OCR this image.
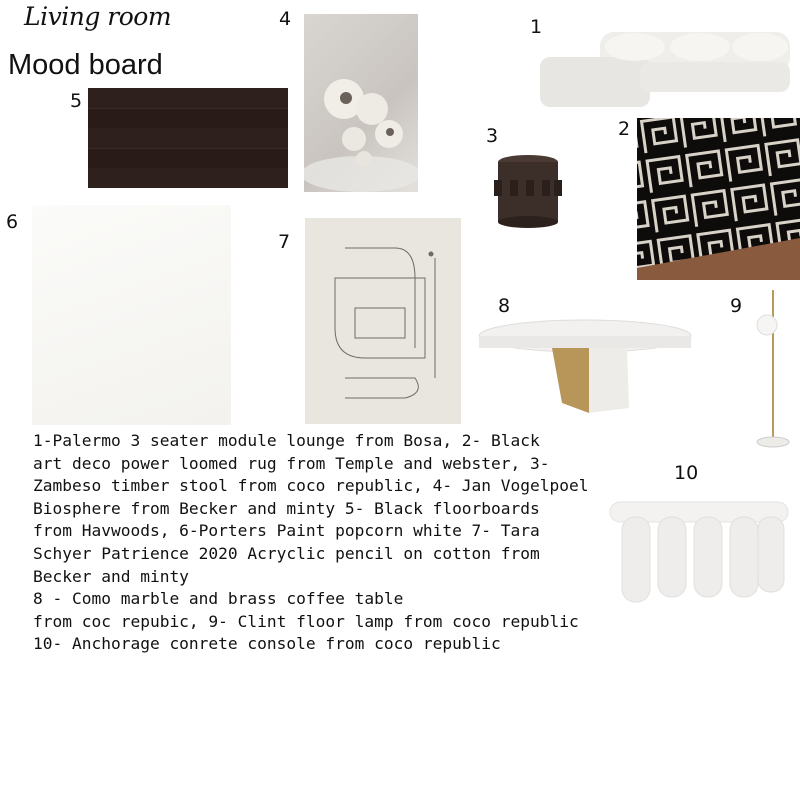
Living room
Mood board
4	1
5
3	2
6
7
8	9
10
1-Palermo 3 seater module lounge from Bosa, 2- Black
art deco power loomed rug from Temple and webster, 3-
Zambeso timber stool from coco republic, 4- Jan Vogelpoel
Biosphere from Becker and minty 5- Black floorboards
from Havwoods, 6-Porters Paint popcorn white 7- Tara
Schyer Patrience 2020 Acryclic pencil on cotton from
Becker and minty
8 - Como marble and brass coffee table
from coc repubic, 9- Clint floor lamp from coco republic
10- Anchorage conrete console from coco republic
